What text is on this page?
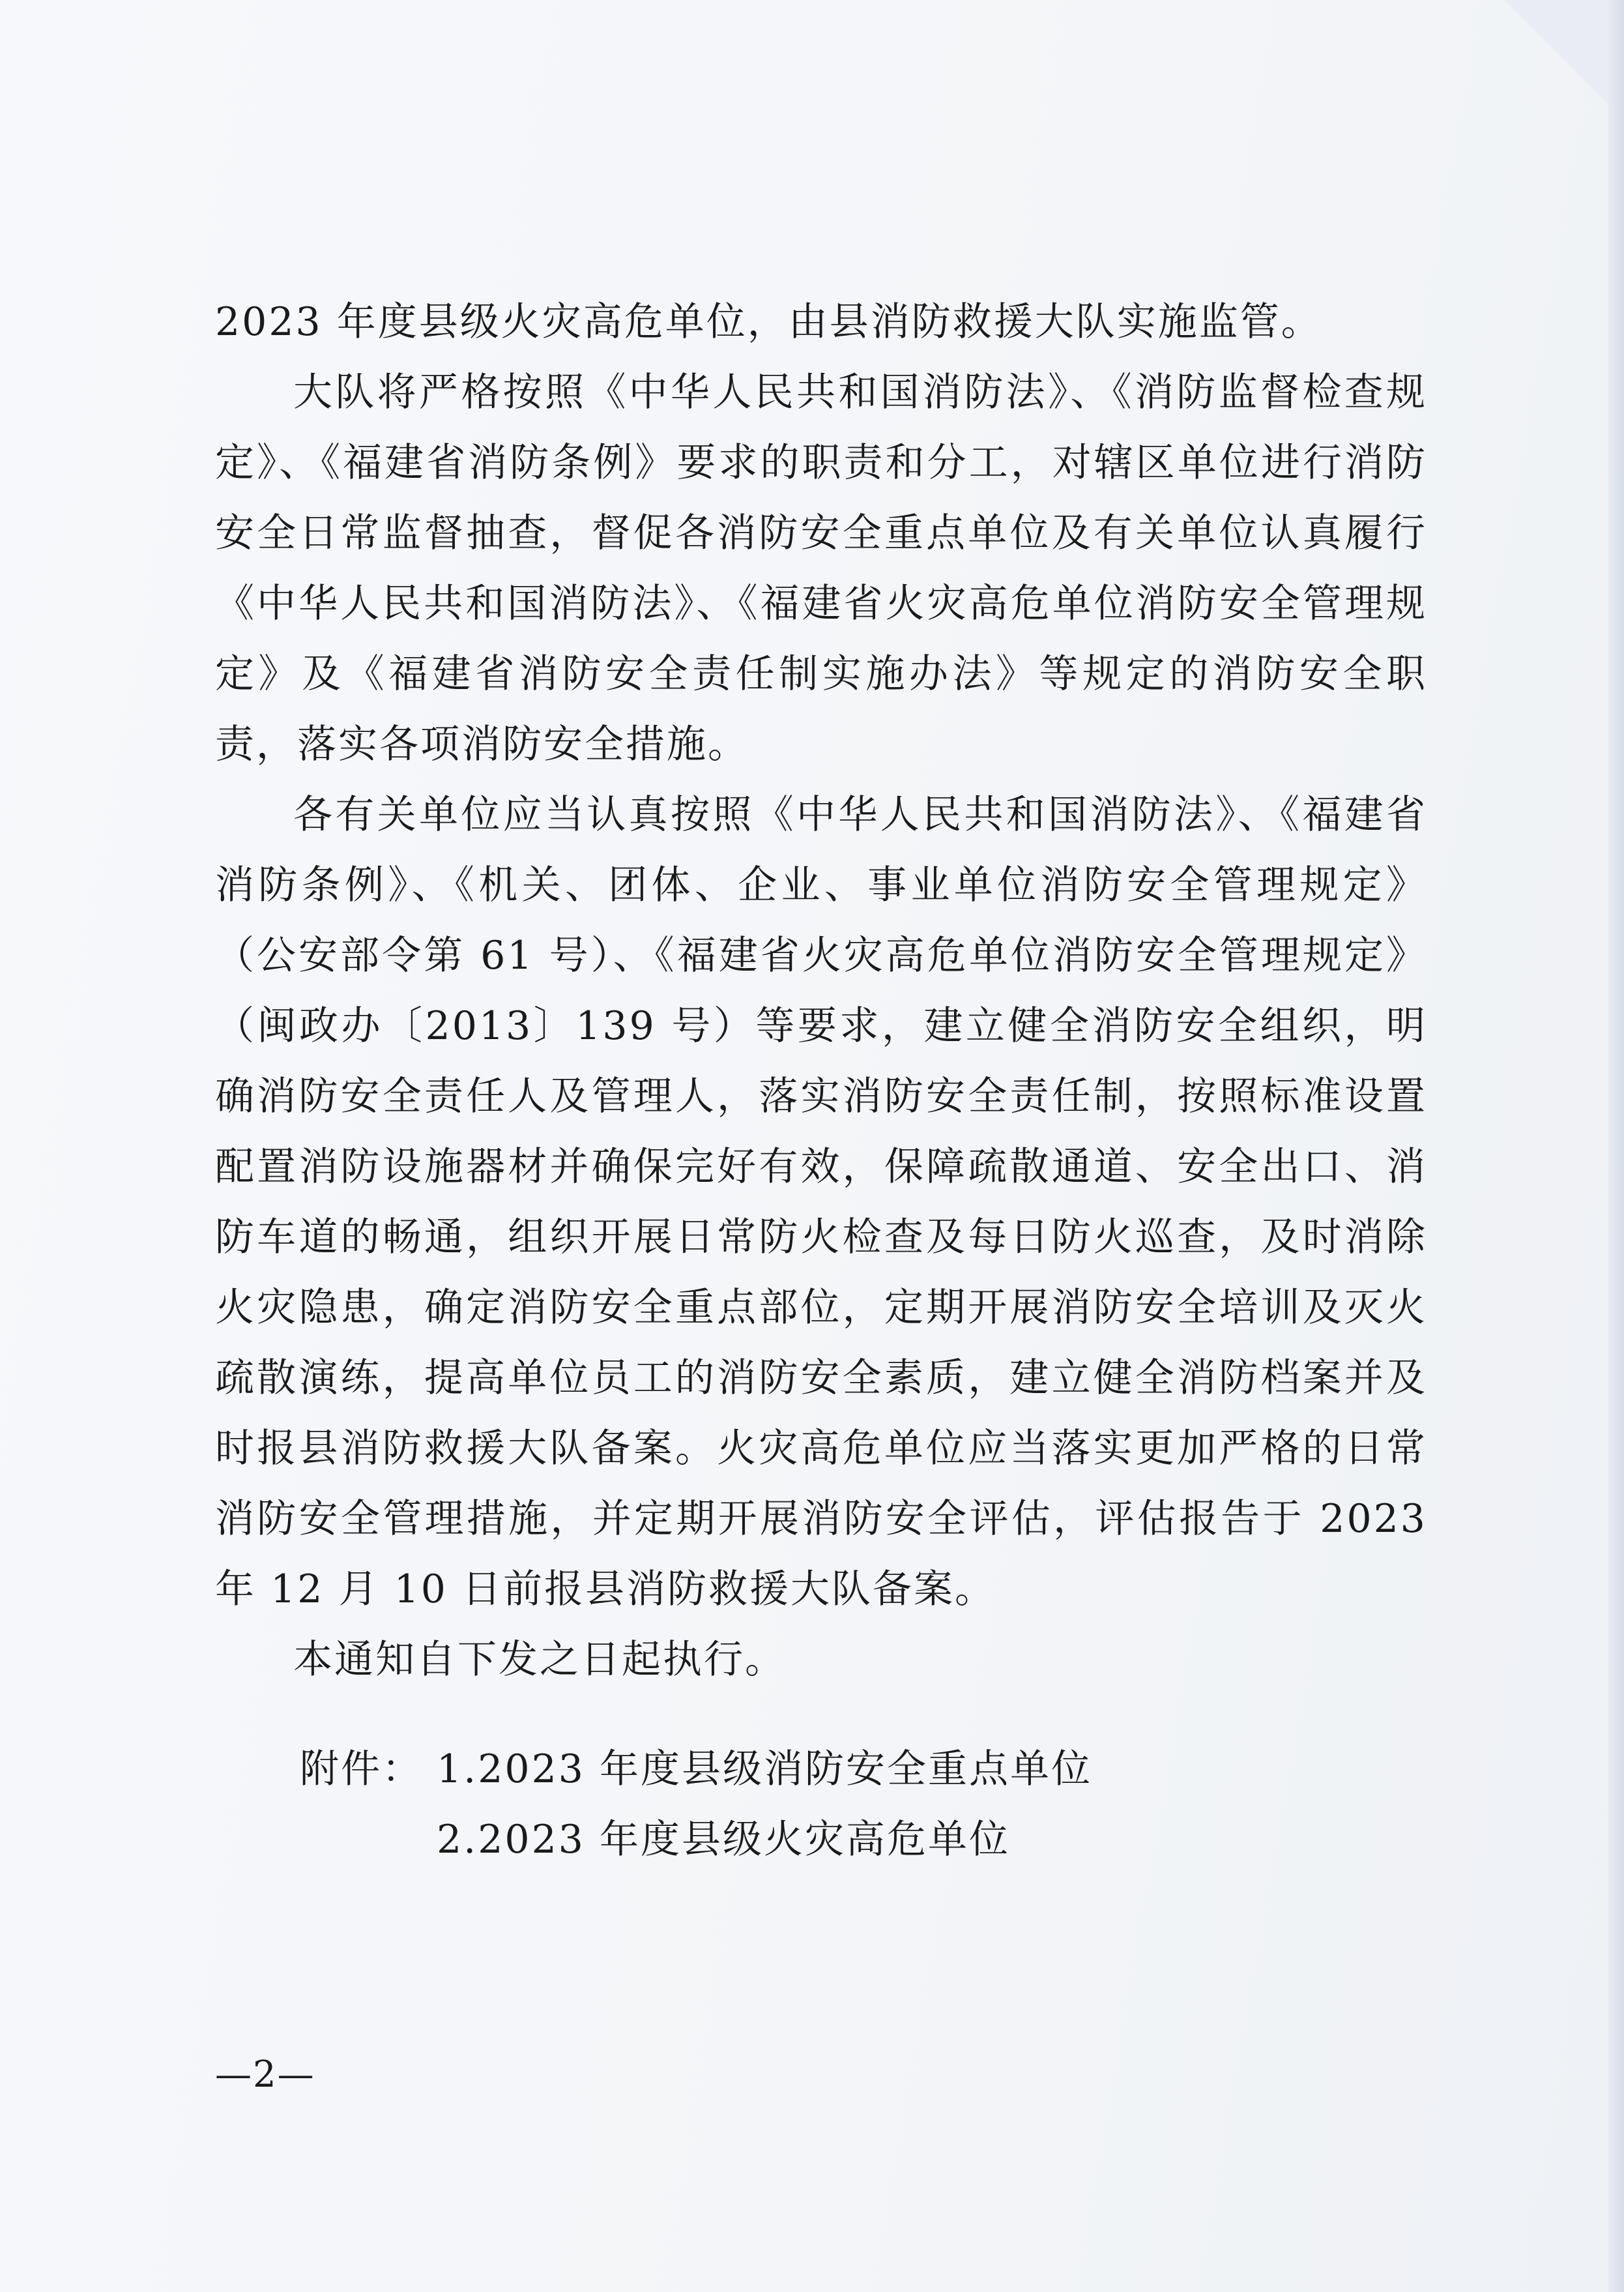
2023 年度县级火灾高危单位，由县消防救援大队实施监管。

大队将严格按照《中华人民共和国消防法》、《消防监督检查规定》、《福建省消防条例》要求的职责和分工，对辖区单位进行消防安全日常监督抽查，督促各消防安全重点单位及有关单位认真履行《中华人民共和国消防法》、《福建省火灾高危单位消防安全管理规定》及《福建省消防安全责任制实施办法》等规定的消防安全职责，落实各项消防安全措施。

各有关单位应当认真按照《中华人民共和国消防法》、《福建省消防条例》、《机关、团体、企业、事业单位消防安全管理规定》（公安部令第 61 号）、《福建省火灾高危单位消防安全管理规定》（闽政办〔2013〕139 号）等要求，建立健全消防安全组织，明确消防安全责任人及管理人，落实消防安全责任制，按照标准设置配置消防设施器材并确保完好有效，保障疏散通道、安全出口、消防车道的畅通，组织开展日常防火检查及每日防火巡查，及时消除火灾隐患，确定消防安全重点部位，定期开展消防安全培训及灭火疏散演练，提高单位员工的消防安全素质，建立健全消防档案并及时报县消防救援大队备案。火灾高危单位应当落实更加严格的日常消防安全管理措施，并定期开展消防安全评估，评估报告于 2023 年 12 月 10 日前报县消防救援大队备案。

本通知自下发之日起执行。

附件： 1.2023 年度县级消防安全重点单位
2.2023 年度县级火灾高危单位
—2—
